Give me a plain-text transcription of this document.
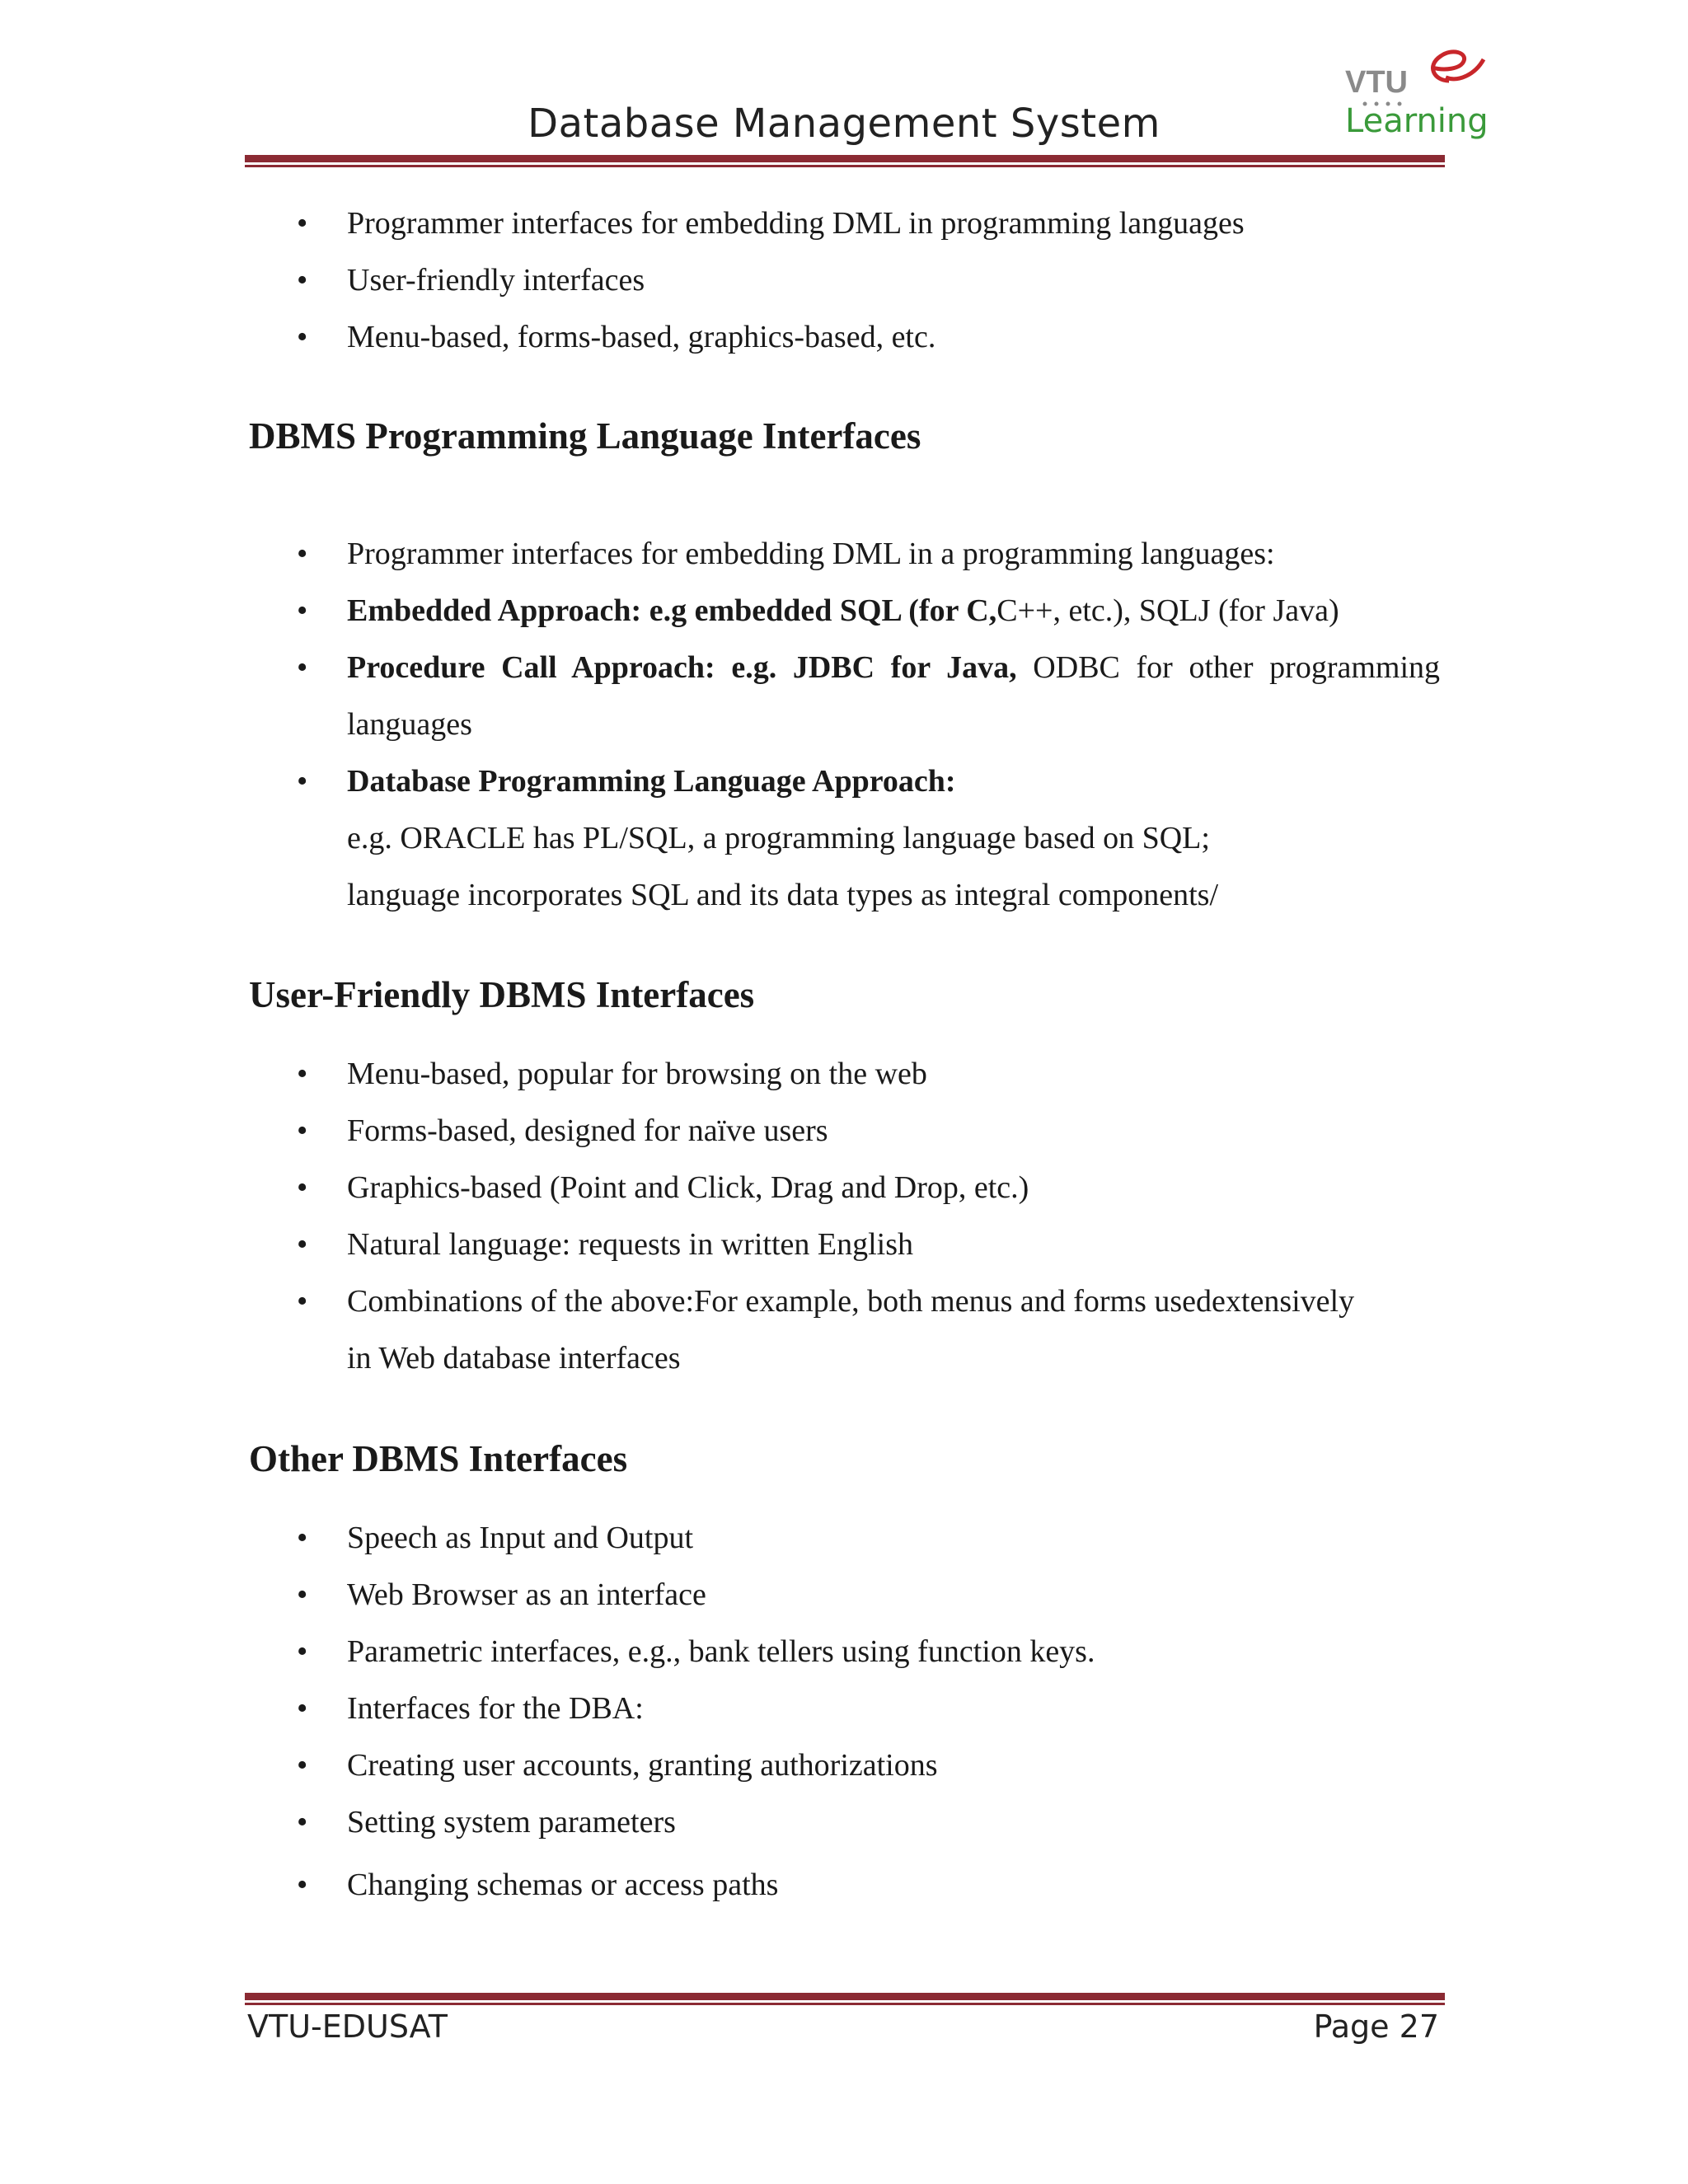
Database Management System
VTU
Learning
• Programmer interfaces for embedding DML in programming languages
• User-friendly interfaces
• Menu-based, forms-based, graphics-based, etc.
DBMS Programming Language Interfaces
• Programmer interfaces for embedding DML in a programming languages:
• Embedded Approach: e.g embedded SQL (for C,C++, etc.), SQLJ (for Java)
• Procedure Call Approach: e.g. JDBC for Java, ODBC for other programming
languages
• Database Programming Language Approach:
e.g. ORACLE has PL/SQL, a programming language based on SQL;
language incorporates SQL and its data types as integral components/
User-Friendly DBMS Interfaces
• Menu-based, popular for browsing on the web
• Forms-based, designed for naïve users
• Graphics-based (Point and Click, Drag and Drop, etc.)
• Natural language: requests in written English
• Combinations of the above:For example, both menus and forms usedextensively
in Web database interfaces
Other DBMS Interfaces
• Speech as Input and Output
• Web Browser as an interface
• Parametric interfaces, e.g., bank tellers using function keys.
• Interfaces for the DBA:
• Creating user accounts, granting authorizations
• Setting system parameters
• Changing schemas or access paths
VTU-EDUSAT	Page 27
